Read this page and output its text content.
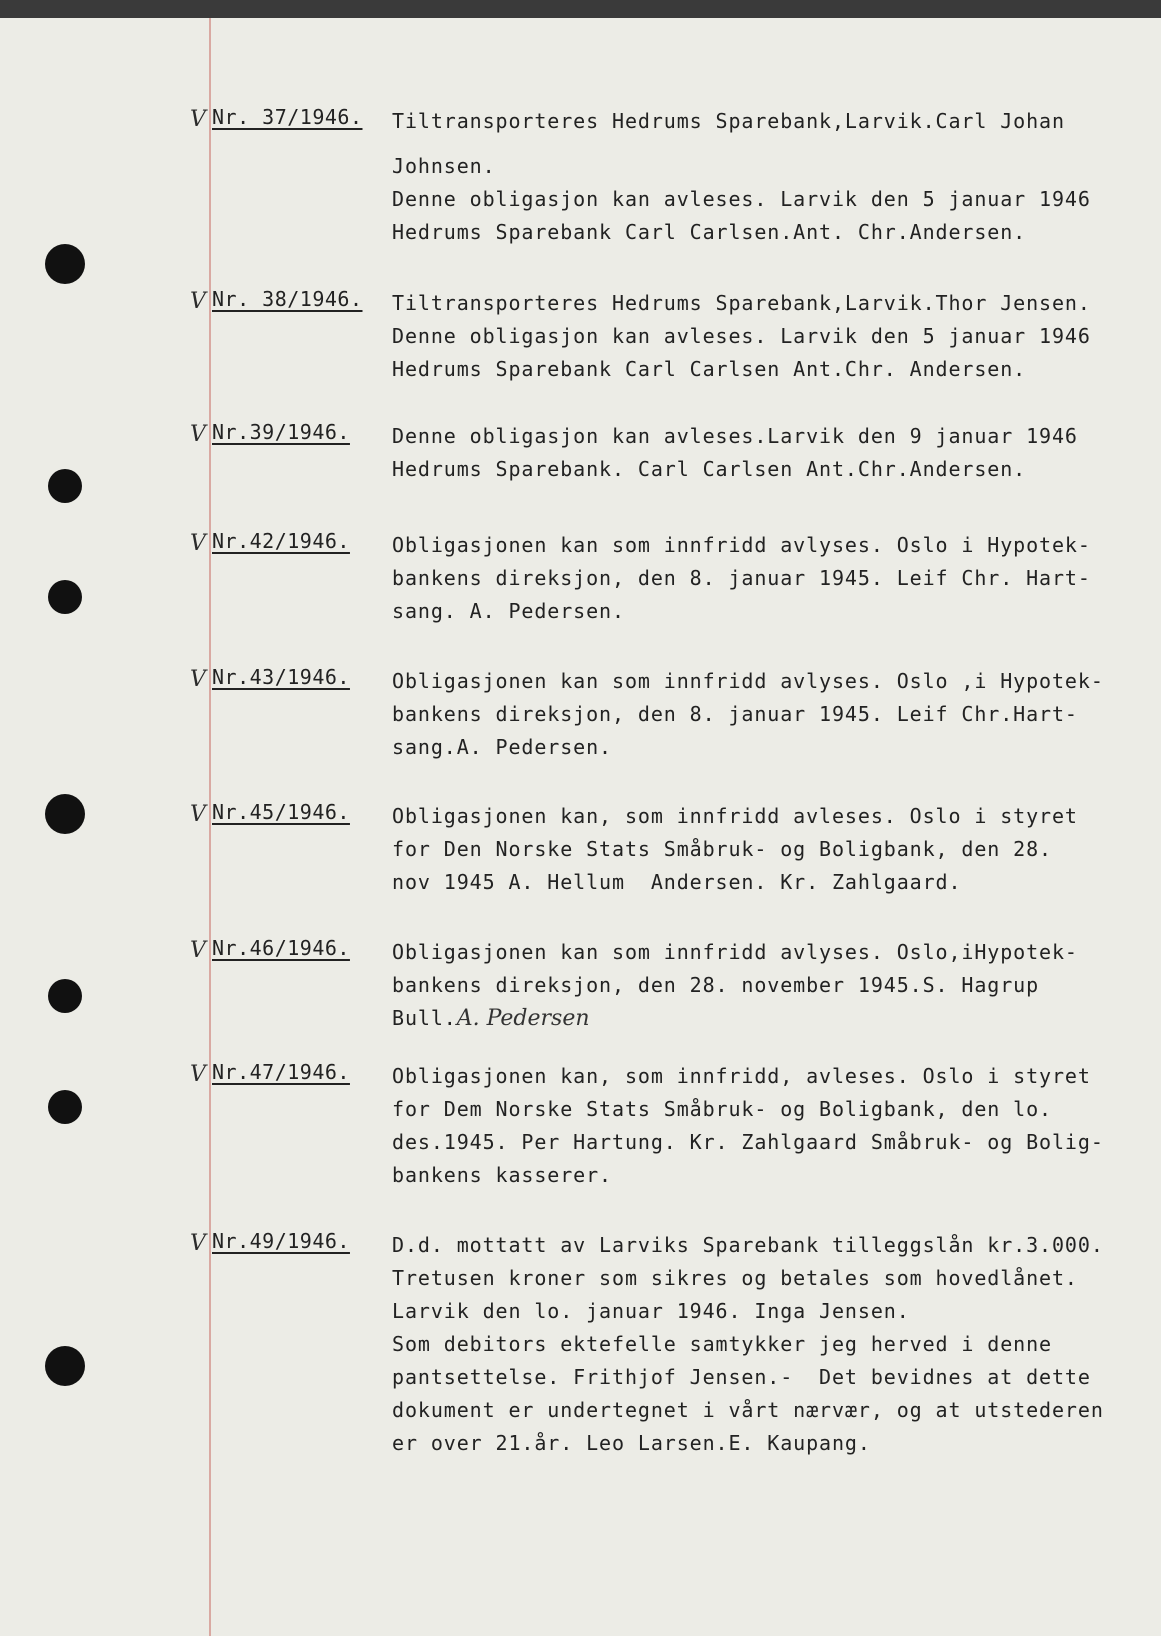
V Nr. 37/1946. Tiltransporteres Hedrums Sparebank,Larvik.Carl Johan
Johnsen.
Denne obligasjon kan avleses. Larvik den 5 januar 1946
Hedrums Sparebank Carl Carlsen.Ant. Chr.Andersen.
V Nr. 38/1946. Tiltransporteres Hedrums Sparebank,Larvik.Thor Jensen.
Denne obligasjon kan avleses. Larvik den 5 januar 1946
Hedrums Sparebank Carl Carlsen Ant.Chr. Andersen.
V Nr.39/1946. Denne obligasjon kan avleses.Larvik den 9 januar 1946
Hedrums Sparebank. Carl Carlsen Ant.Chr.Andersen.
V Nr.42/1946. Obligasjonen kan som innfridd avlyses. Oslo i Hypotek-
bankens direksjon, den 8. januar 1945. Leif Chr. Hart-
sang. A. Pedersen.
V Nr.43/1946. Obligasjonen kan som innfridd avlyses. Oslo ,i Hypotek-
bankens direksjon, den 8. januar 1945. Leif Chr.Hart-
sang.A. Pedersen.
V Nr.45/1946. Obligasjonen kan, som innfridd avleses. Oslo i styret
for Den Norske Stats Småbruk- og Boligbank, den 28.
nov 1945 A. Hellum  Andersen. Kr. Zahlgaard.
V Nr.46/1946. Obligasjonen kan som innfridd avlyses. Oslo,iHypotek-
bankens direksjon, den 28. november 1945.S. Hagrup
Bull.A. Pedersen
V Nr.47/1946. Obligasjonen kan, som innfridd, avleses. Oslo i styret
for Dem Norske Stats Småbruk- og Boligbank, den lo.
des.1945. Per Hartung. Kr. Zahlgaard Småbruk- og Bolig-
bankens kasserer.
V Nr.49/1946. D.d. mottatt av Larviks Sparebank tilleggslån kr.3.000.
Tretusen kroner som sikres og betales som hovedlånet.
Larvik den lo. januar 1946. Inga Jensen.
Som debitors ektefelle samtykker jeg herved i denne
pantsettelse. Frithjof Jensen.-  Det bevidnes at dette
dokument er undertegnet i vårt nærvær, og at utstederen
er over 21.år. Leo Larsen.E. Kaupang.
